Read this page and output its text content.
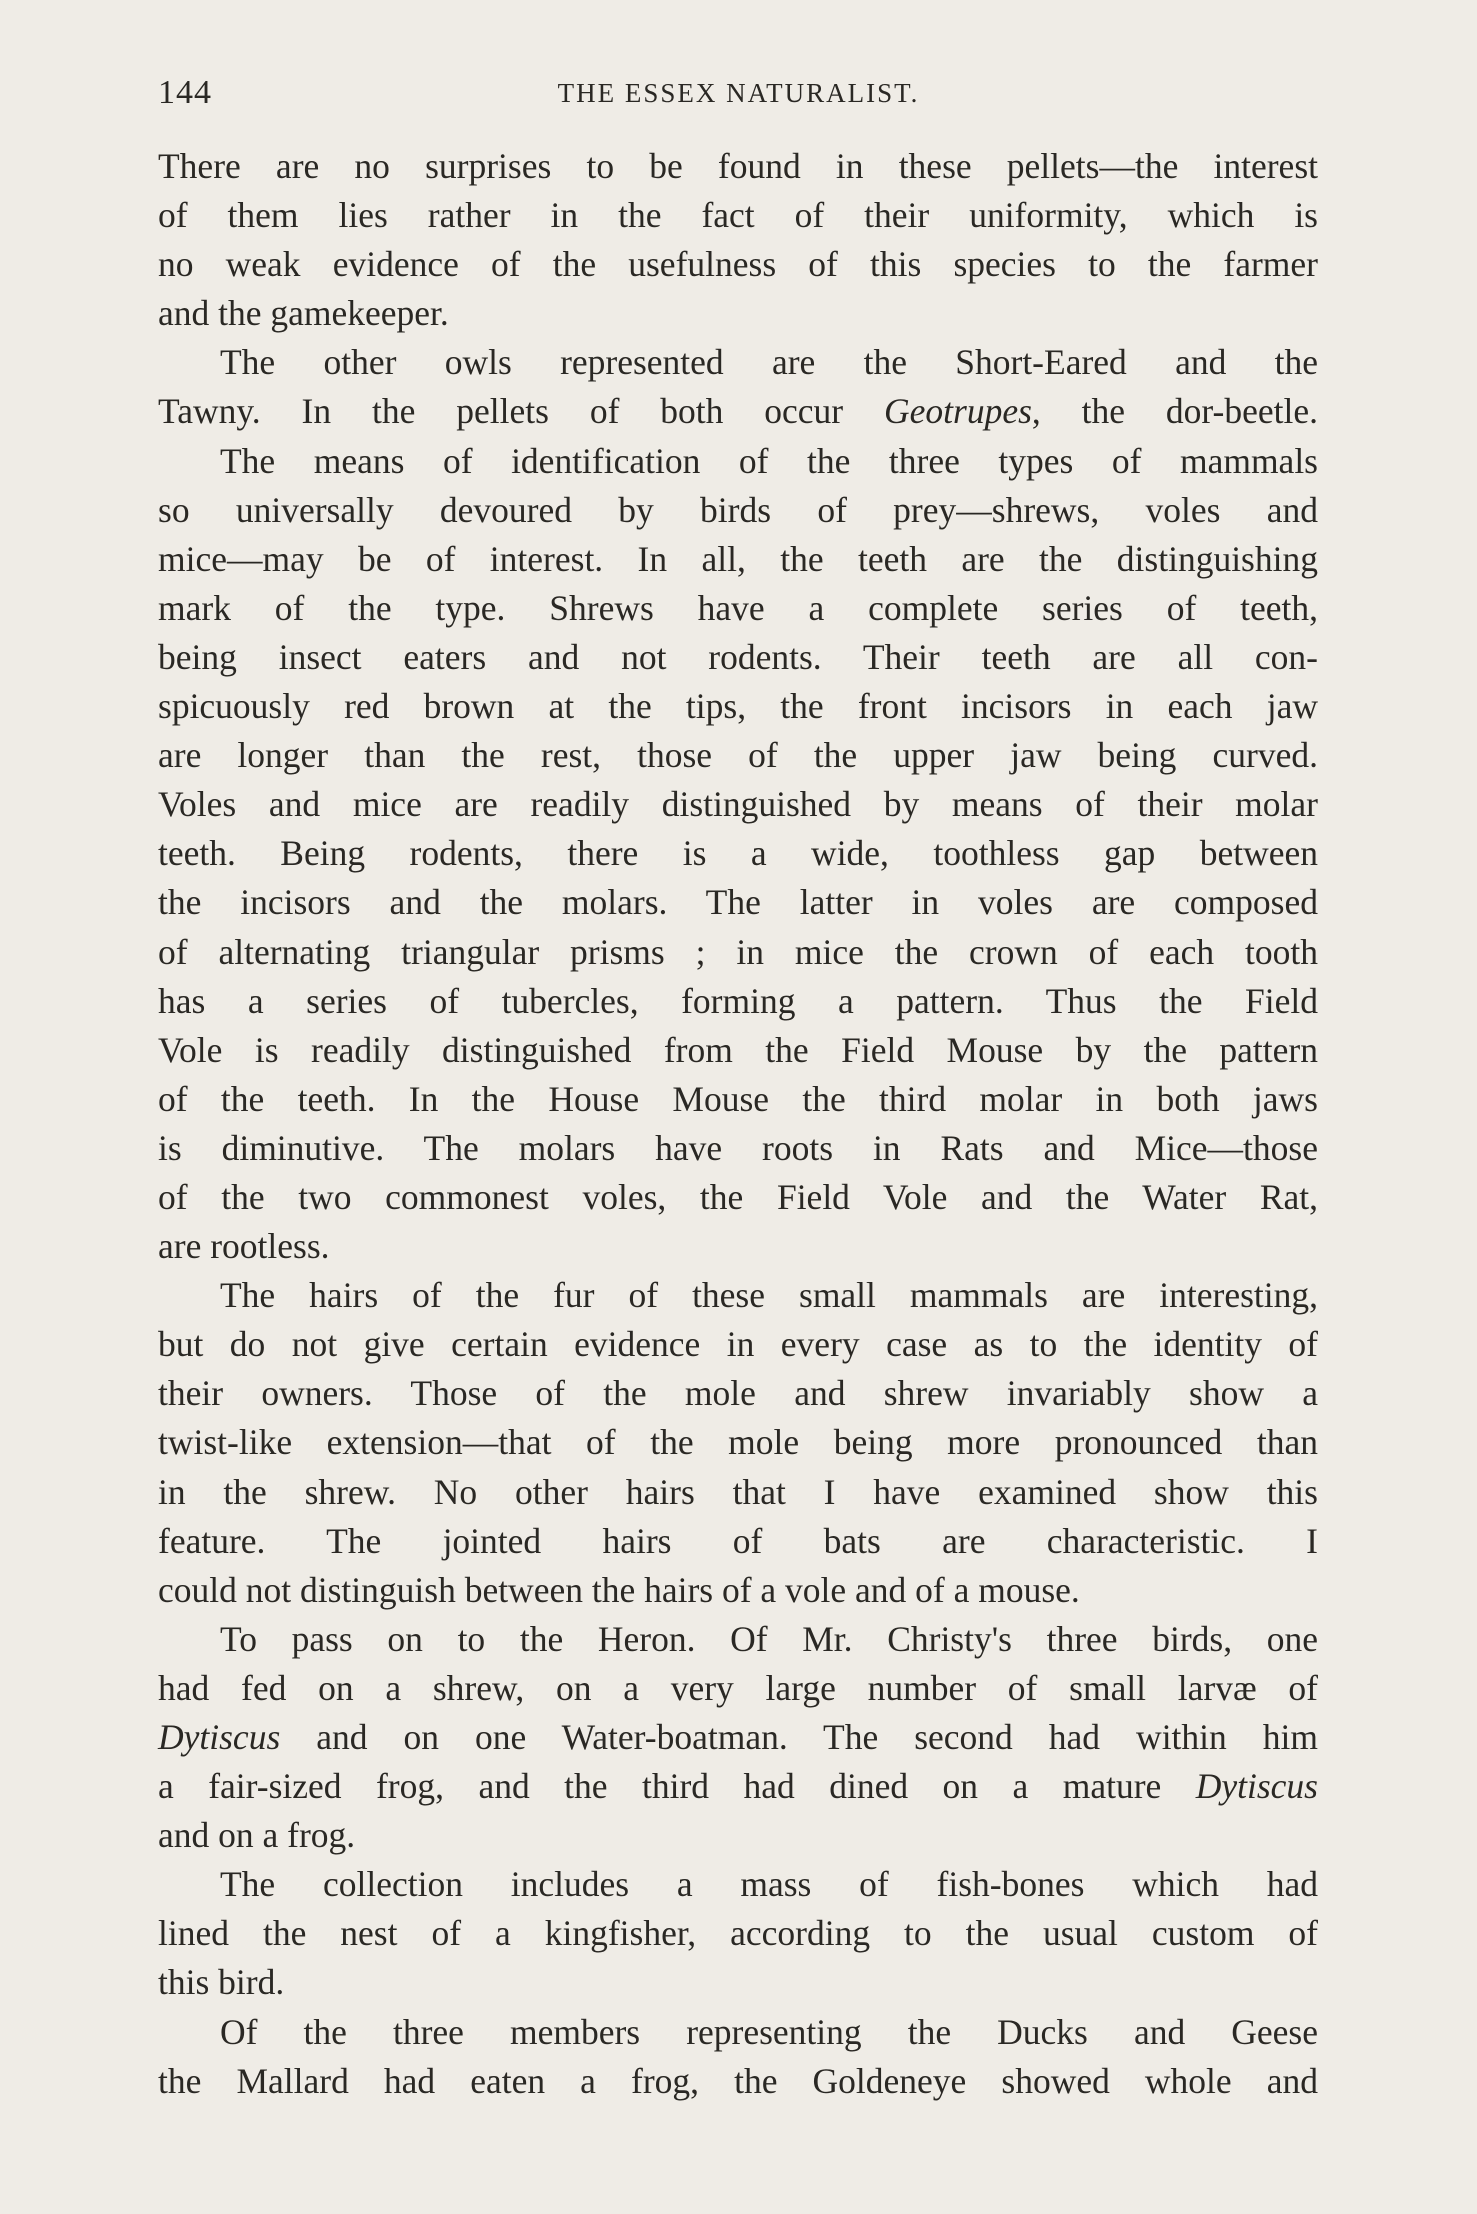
144	THE ESSEX NATURALIST.

There are no surprises to be found in these pellets—the interest
of them lies rather in the fact of their uniformity, which is
no weak evidence of the usefulness of this species to the farmer
and the gamekeeper.

The other owls represented are the Short-Eared and the
Tawny. In the pellets of both occur Geotrupes, the dor-beetle.

The means of identification of the three types of mammals
so universally devoured by birds of prey—shrews, voles and
mice—may be of interest. In all, the teeth are the distinguishing
mark of the type. Shrews have a complete series of teeth,
being insect eaters and not rodents. Their teeth are all con-
spicuously red brown at the tips, the front incisors in each jaw
are longer than the rest, those of the upper jaw being curved.
Voles and mice are readily distinguished by means of their molar
teeth. Being rodents, there is a wide, toothless gap between
the incisors and the molars. The latter in voles are composed
of alternating triangular prisms ; in mice the crown of each tooth
has a series of tubercles, forming a pattern. Thus the Field
Vole is readily distinguished from the Field Mouse by the pattern
of the teeth. In the House Mouse the third molar in both jaws
is diminutive. The molars have roots in Rats and Mice—those
of the two commonest voles, the Field Vole and the Water Rat,
are rootless.

The hairs of the fur of these small mammals are interesting,
but do not give certain evidence in every case as to the identity of
their owners. Those of the mole and shrew invariably show a
twist-like extension—that of the mole being more pronounced than
in the shrew. No other hairs that I have examined show this
feature. The jointed hairs of bats are characteristic. I
could not distinguish between the hairs of a vole and of a mouse.

To pass on to the Heron. Of Mr. Christy's three birds, one
had fed on a shrew, on a very large number of small larvæ of
Dytiscus and on one Water-boatman. The second had within him
a fair-sized frog, and the third had dined on a mature Dytiscus
and on a frog.

The collection includes a mass of fish-bones which had
lined the nest of a kingfisher, according to the usual custom of
this bird.

Of the three members representing the Ducks and Geese
the Mallard had eaten a frog, the Goldeneye showed whole and
